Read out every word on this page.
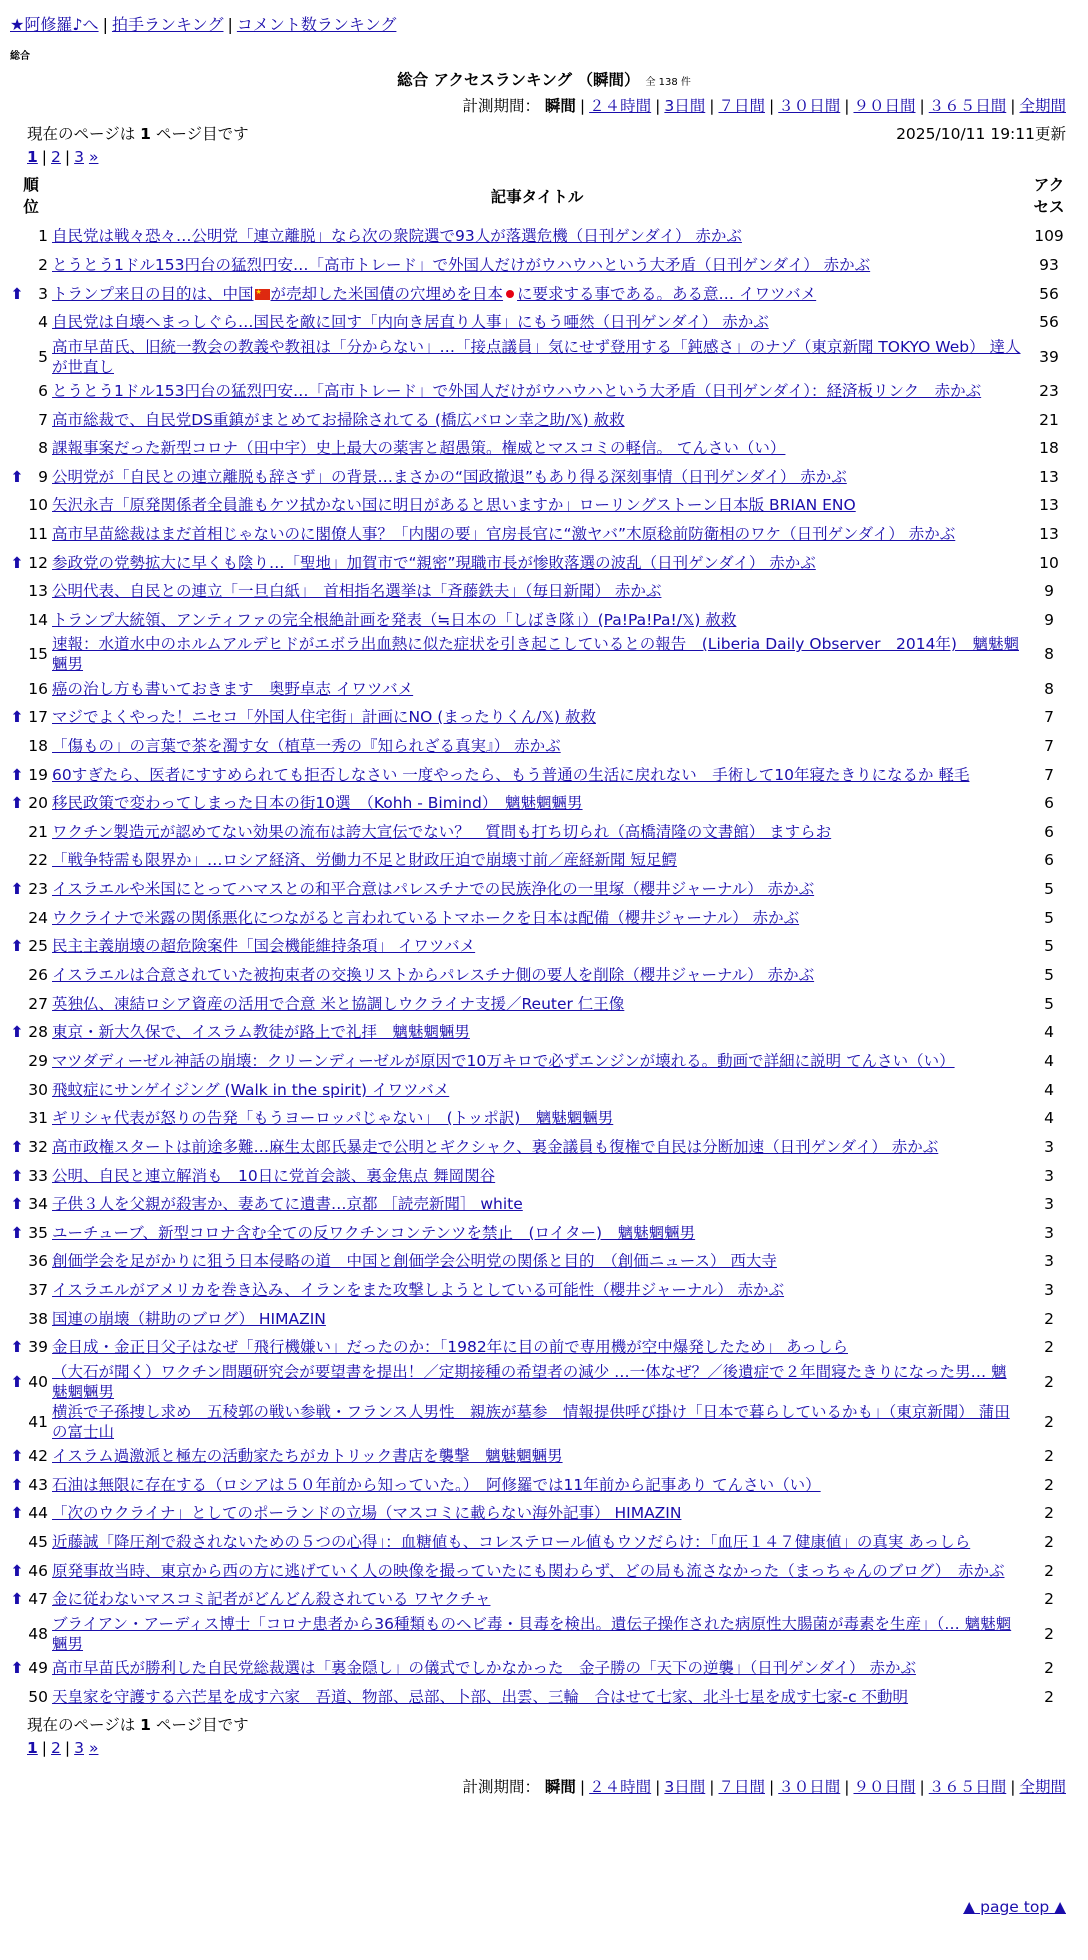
★阿修羅♪へ | 拍手ランキング | コメント数ランキング
総合
総合 アクセスランキング （瞬間） 全 138 件
計測期間： 瞬間 | ２４時間 | 3日間 | ７日間 | ３０日間 | ９０日間 | ３６５日間 | 全期間
現在のページは 1 ページ目です	2025/10/11 19:11更新
1 | 2 | 3 »
順
位		記事タイトル	アク
セス
	1	自民党は戦々恐々…公明党「連立離脱」なら次の衆院選で93人が落選危機（日刊ゲンダイ） 赤かぶ	109
	2	とうとう1ドル153円台の猛烈円安…「高市トレード」で外国人だけがウハウハという大矛盾（日刊ゲンダイ） 赤かぶ	93
⬆	3	トランプ来日の目的は、中国 ★ が売却した米国債の穴埋めを日本 に要求する事である。ある意… イワツバメ	56
	4	自民党は自壊へまっしぐら…国民を敵に回す「内向き居直り人事」にもう唖然（日刊ゲンダイ） 赤かぶ	56
	5	高市早苗氏、旧統一教会の教義や教祖は「分からない」…「接点議員」気にせず登用する「鈍感さ」のナゾ（東京新聞 TOKYO Web） 達人が世直し	39
	6	とうとう1ドル153円台の猛烈円安…「高市トレード」で外国人だけがウハウハという大矛盾（日刊ゲンダイ）：経済板リンク　赤かぶ	23
	7	高市総裁で、自民党DS重鎮がまとめてお掃除されてる (橋広バロン幸之助/𝕏) 赦救	21
	8	課報事案だった新型コロナ（田中宇）史上最大の薬害と超愚策。権威とマスコミの軽信。 てんさい（い）	18
⬆	9	公明党が「自民との連立離脱も辞さず」の背景…まさかの“国政撤退”もあり得る深刻事情（日刊ゲンダイ） 赤かぶ	13
	10	矢沢永吉「原発関係者全員誰もケツ拭かない国に明日があると思いますか」ローリングストーン日本版 BRIAN ENO	13
	11	高市早苗総裁はまだ首相じゃないのに閣僚人事？「内閣の要」官房長官に“激ヤバ”木原稔前防衛相のワケ（日刊ゲンダイ） 赤かぶ	13
⬆	12	参政党の党勢拡大に早くも陰り…「聖地」加賀市で“親密”現職市長が惨敗落選の波乱（日刊ゲンダイ） 赤かぶ	10
	13	公明代表、自民との連立「一旦白紙」　首相指名選挙は「斉藤鉄夫」（毎日新聞） 赤かぶ	9
	14	トランプ大統領、アンティファの完全根絶計画を発表（≒日本の「しばき隊」）(Pa!Pa!Pa!/𝕏) 赦救	9
	15	速報：水道水中のホルムアルデヒドがエボラ出血熱に似た症状を引き起こしているとの報告　(Liberia Daily Observer　2014年)　魑魅魍魎男	8
	16	癌の治し方も書いておきます　奥野卓志 イワツバメ	8
⬆	17	マジでよくやった！ニセコ「外国人住宅街」計画にNO (まったりくん/𝕏) 赦救	7
	18	「傷もの」の言葉で茶を濁す女（植草一秀の『知られざる真実』） 赤かぶ	7
⬆	19	60すぎたら、医者にすすめられても拒否しなさい 一度やったら、もう普通の生活に戻れない　手術して10年寝たきりになるか 軽毛	7
⬆	20	移民政策で変わってしまった日本の街10選　（Kohh - Bimind）　魑魅魍魎男	6
	21	ワクチン製造元が認めてない効果の流布は誇大宣伝でない？　質問も打ち切られ（高橋清隆の文書館） ますらお	6
	22	「戦争特需も限界か」…ロシア経済、労働力不足と財政圧迫で崩壊寸前／産経新聞 短足鰐	6
⬆	23	イスラエルや米国にとってハマスとの和平合意はパレスチナでの民族浄化の一里塚（櫻井ジャーナル） 赤かぶ	5
	24	ウクライナで米露の関係悪化につながると言われているトマホークを日本は配備（櫻井ジャーナル） 赤かぶ	5
⬆	25	民主主義崩壊の超危険案件「国会機能維持条項」 イワツバメ	5
	26	イスラエルは合意されていた被拘束者の交換リストからパレスチナ側の要人を削除（櫻井ジャーナル） 赤かぶ	5
	27	英独仏、凍結ロシア資産の活用で合意 米と協調しウクライナ支援／Reuter 仁王像	5
⬆	28	東京・新大久保で、イスラム教徒が路上で礼拝　魑魅魍魎男	4
	29	マツダディーゼル神話の崩壊：クリーンディーゼルが原因で10万キロで必ずエンジンが壊れる。動画で詳細に説明 てんさい（い）	4
	30	飛蚊症にサンゲイジング (Walk in the spirit) イワツバメ	4
	31	ギリシャ代表が怒りの告発「もうヨーロッパじゃない」　(トッポ訳)　魑魅魍魎男	4
⬆	32	高市政権スタートは前途多難…麻生太郎氏暴走で公明とギクシャク、裏金議員も復権で自民は分断加速（日刊ゲンダイ） 赤かぶ	3
⬆	33	公明、自民と連立解消も　10日に党首会談、裏金焦点 舞岡関谷	3
⬆	34	子供３人を父親が殺害か、妻あてに遺書…京都 ［読売新聞］ white	3
⬆	35	ユーチューブ、新型コロナ含む全ての反ワクチンコンテンツを禁止　(ロイター)　魑魅魍魎男	3
	36	創価学会を足がかりに狙う日本侵略の道　中国と創価学会公明党の関係と目的　（創価ニュース） 西大寺	3
	37	イスラエルがアメリカを巻き込み、イランをまた攻撃しようとしている可能性（櫻井ジャーナル） 赤かぶ	3
	38	国連の崩壊（耕助のブログ） HIMAZIN	2
⬆	39	金日成・金正日父子はなぜ「飛行機嫌い」だったのか：「1982年に目の前で専用機が空中爆発したため」 あっしら	2
⬆	40	（大石が聞く）ワクチン問題研究会が要望書を提出！／定期接種の希望者の減少 …一体なぜ？／後遺症で２年間寝たきりになった男… 魑魅魍魎男	2
	41	横浜で子孫捜し求め　五稜郭の戦い参戦・フランス人男性　親族が墓参　情報提供呼び掛け「日本で暮らしているかも」（東京新聞） 蒲田の富士山	2
⬆	42	イスラム過激派と極左の活動家たちがカトリック書店を襲撃　魑魅魍魎男	2
⬆	43	石油は無限に存在する（ロシアは５０年前から知っていた。）　阿修羅では11年前から記事あり てんさい（い）	2
⬆	44	「次のウクライナ」としてのポーランドの立場（マスコミに載らない海外記事） HIMAZIN	2
	45	近藤誠「降圧剤で殺されないための５つの心得」：血糖値も、コレステロール値もウソだらけ：「血圧１４７健康値」の真実 あっしら	2
⬆	46	原発事故当時、東京から西の方に逃げていく人の映像を撮っていたにも関わらず、どの局も流さなかった（まっちゃんのブログ）　赤かぶ	2
⬆	47	金に従わないマスコミ記者がどんどん殺されている ワヤクチャ	2
	48	ブライアン・アーディス博士「コロナ患者から36種類ものヘビ毒・貝毒を検出。遺伝子操作された病原性大腸菌が毒素を生産」（… 魑魅魍魎男	2
⬆	49	高市早苗氏が勝利した自民党総裁選は「裏金隠し」の儀式でしかなかった　金子勝の「天下の逆襲」（日刊ゲンダイ） 赤かぶ	2
	50	天皇家を守護する六芒星を成す六家　吾道、物部、忌部、卜部、出雲、三輪　合はせて七家、北斗七星を成す七家-c 不動明	2
現在のページは 1 ページ目です
1 | 2 | 3 »
計測期間： 瞬間 | ２４時間 | 3日間 | ７日間 | ３０日間 | ９０日間 | ３６５日間 | 全期間
▲ page top ▲
